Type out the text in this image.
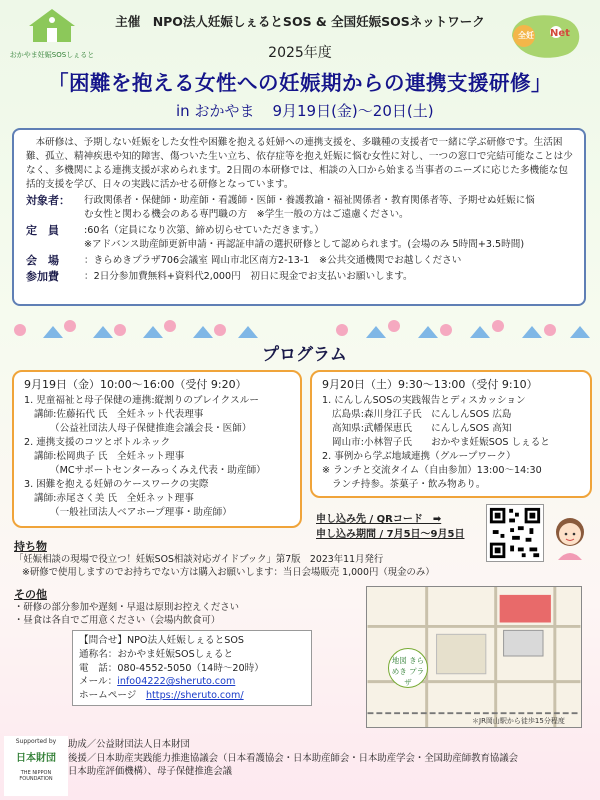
おかやま妊娠SOSしぇると
全妊 Net
主催　NPO法人妊娠しぇるとSOS & 全国妊娠SOSネットワーク
2025年度
「困難を抱える女性への妊娠期からの連携支援研修」
in おかやま 9月19日(金)～20日(土)
本研修は、予期しない妊娠をした女性や困難を抱える妊婦への連携支援を、多職種の支援者で一緒に学ぶ研修です。生活困難、孤立、精神疾患や知的障害、傷ついた生い立ち、依存症等を抱え妊娠に悩む女性に対し、一つの窓口で完結可能なことは少なく、多機関による連携支援が求められます。2日間の本研修では、相談の入口から始まる当事者のニーズに応じた多機能な包括的支援を学び、日々の実践に活かせる研修となっています。
対象者：	行政関係者・保健師・助産師・看護師・医師・養護教諭・福祉関係者・教育関係者等、予期せぬ妊娠に悩
む女性と関わる機会のある専門職の方　※学生一般の方はご遠慮ください。
定　員	:60名（定員になり次第、締め切らせていただきます。）
※アドバンス助産師更新申請・再認証申請の選択研修として認められます。(会場のみ 5時間+3.5時間)
会　場	：きらめきプラザ706会議室 岡山市北区南方2-13-1　※公共交通機関でお越しください
参加費	：2日分参加費無料+資料代2,000円　初日に現金でお支払いお願いします。
プログラム
9月19日（金）10:00～16:00（受付 9:20）
1. 児童福祉と母子保健の連携:縦割りのブレイクスルー
講師:佐藤拓代 氏　全妊ネット代表理事
（公益社団法人母子保健推進会議会長・医師）
2. 連携支援のコツとボトルネック
講師:松岡典子 氏　全妊ネット理事
（MCサポートセンターみっくみえ代表・助産師）
3. 困難を抱える妊婦のケースワークの実際
講師:赤尾さく美 氏　全妊ネット理事
（一般社団法人ベアホープ理事・助産師）
9月20日（土）9:30～13:00（受付 9:10）
1. にんしんSOSの実践報告とディスカッション
広島県:森川身江子氏　にんしんSOS 広島
高知県:武幡保恵氏　　にんしんSOS 高知
岡山市:小林智子氏　　おかやま妊娠SOS しぇると
2. 事例から学ぶ地域連携（グループワーク）
※ ランチと交流タイム（自由参加）13:00～14:30
ランチ持参。茶菓子・飲み物あり。
申し込み先 / QRコード　➡
申し込み期間 / 7月5日～9月5日
持ち物
「妊娠相談の現場で役立つ！妊娠SOS相談対応ガイドブック」第7版　2023年11月発行
※研修で使用しますのでお持ちでない方は購入お願いします：当日会場販売 1,000円（現金のみ）
その他
・研修の部分参加や遅刻・早退は原則お控えください
・昼食は各自でご用意ください（会場内飲食可）
【問合せ】NPO法人妊娠しぇるとSOS
通称名：おかやま妊娠SOSしぇると
電　話：080-4552-5050（14時～20時）
メール：info04222@sheruto.com
ホームページ　https://sheruto.com/
地図 きらめき プラザ
＊JR岡山駅から徒歩15分程度
Supported by
日本財団
THE NIPPON FOUNDATION
助成／公益財団法人日本財団
後援／日本助産実践能力推進協議会（日本看護協会・日本助産師会・日本助産学会・全国助産師教育協議会
日本助産評価機構）、母子保健推進会議
